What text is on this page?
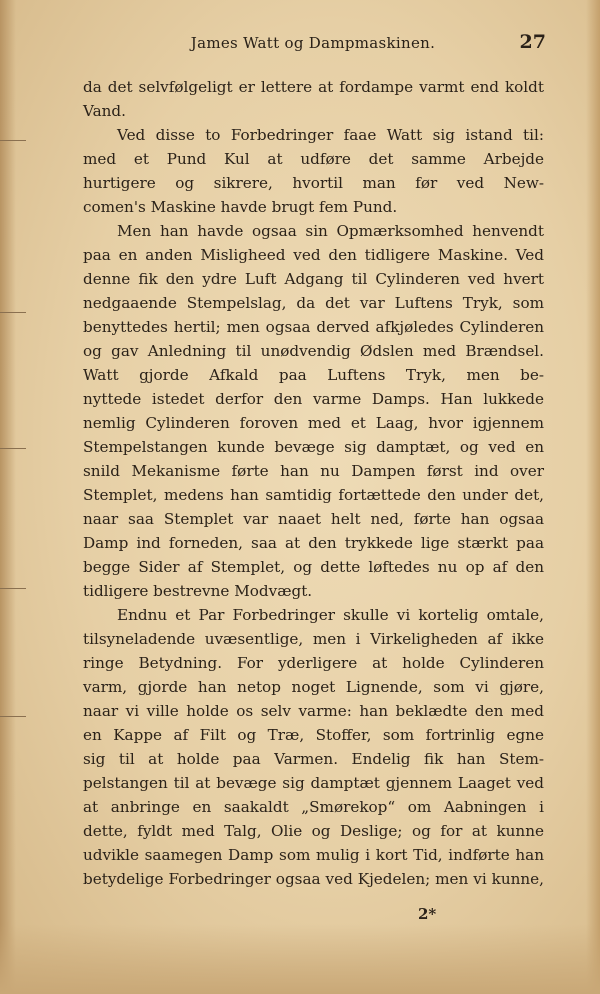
James Watt og Dampmaskinen.	27
da det selvfølgeligt er lettere at fordampe varmt end koldt
Vand.
Ved disse to Forbedringer faae Watt sig istand til:
med et Pund Kul at udføre det samme Arbejde
hurtigere og sikrere, hvortil man før ved New-
comen's Maskine havde brugt fem Pund.
Men han havde ogsaa sin Opmærksomhed henvendt
paa en anden Misligheed ved den tidligere Maskine. Ved
denne fik den ydre Luft Adgang til Cylinderen ved hvert
nedgaaende Stempelslag, da det var Luftens Tryk, som
benyttedes hertil; men ogsaa derved afkjøledes Cylinderen
og gav Anledning til unødvendig Ødslen med Brændsel.
Watt gjorde Afkald paa Luftens Tryk, men be-
nyttede istedet derfor den varme Damps. Han lukkede
nemlig Cylinderen foroven med et Laag, hvor igjennem
Stempelstangen kunde bevæge sig damptæt, og ved en
snild Mekanisme førte han nu Dampen først ind over
Stemplet, medens han samtidig fortættede den under det,
naar saa Stemplet var naaet helt ned, førte han ogsaa
Damp ind forneden, saa at den trykkede lige stærkt paa
begge Sider af Stemplet, og dette løftedes nu op af den
tidligere bestrevne Modvægt.
Endnu et Par Forbedringer skulle vi kortelig omtale,
tilsyneladende uvæsentlige, men i Virkeligheden af ikke
ringe Betydning. For yderligere at holde Cylinderen
varm, gjorde han netop noget Lignende, som vi gjøre,
naar vi ville holde os selv varme: han beklædte den med
en Kappe af Filt og Træ, Stoffer, som fortrinlig egne
sig til at holde paa Varmen. Endelig fik han Stem-
pelstangen til at bevæge sig damptæt gjennem Laaget ved
at anbringe en saakaldt „Smørekop“ om Aabningen i
dette, fyldt med Talg, Olie og Deslige; og for at kunne
udvikle saamegen Damp som mulig i kort Tid, indførte han
betydelige Forbedringer ogsaa ved Kjedelen; men vi kunne,
2*
